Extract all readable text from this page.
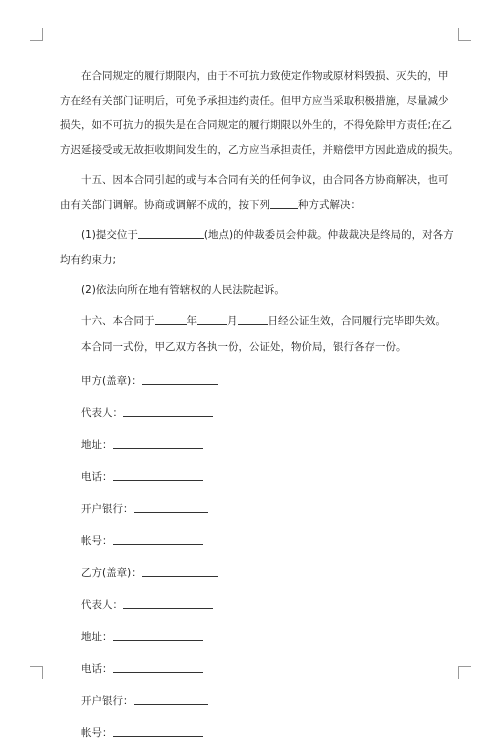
在合同规定的履行期限内，由于不可抗力致使定作物或原材料毁损、灭失的，甲
方在经有关部门证明后，可免予承担违约责任。但甲方应当采取积极措施，尽量减少
损失，如不可抗力的损失是在合同规定的履行期限以外生的，不得免除甲方责任;在乙
方迟延接受或无故拒收期间发生的，乙方应当承担责任，并赔偿甲方因此造成的损失。
十五、因本合同引起的或与本合同有关的任何争议，由合同各方协商解决，也可
由有关部门调解。协商或调解不成的，按下列	种方式解决：
(1)提交位于	(地点)的仲裁委员会仲裁。仲裁裁决是终局的，对各方
均有约束力;
(2)依法向所在地有管辖权的人民法院起诉。
十六、本合同于	年	月	日经公证生效，合同履行完毕即失效。
本合同一式份，甲乙双方各执一份，公证处，物价局，银行各存一份。
甲方(盖章)：
代表人：
地址：
电话：
开户银行：
帐号：
乙方(盖章)：
代表人：
地址：
电话：
开户银行：
帐号：
